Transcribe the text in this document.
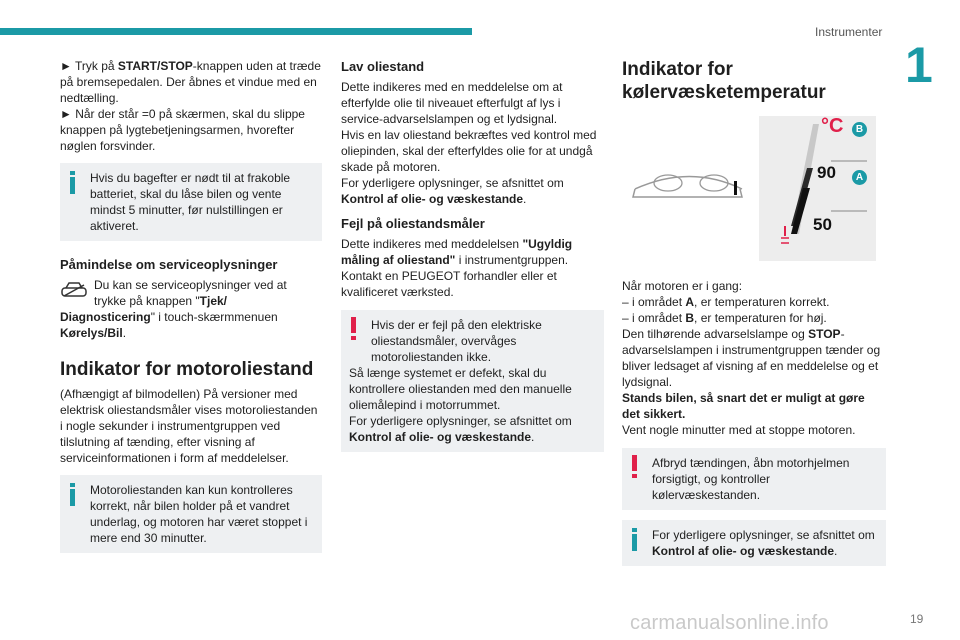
Instrumenter
1

► Tryk på START/STOP-knappen uden at træde på bremsepedalen. Der åbnes et vindue med en nedtælling.

► Når der står =0 på skærmen, skal du slippe knappen på lygtebetjeningsarmen, hvorefter nøglen forsvinder.

Hvis du bagefter er nødt til at frakoble batteriet, skal du låse bilen og vente mindst 5 minutter, før nulstillingen er aktiveret.
Påmindelse om serviceoplysninger
Du kan se serviceoplysninger ved at trykke på knappen "Tjek/ Diagnosticering" i touch-skærmmenuen Kørelys/Bil.
Indikator for motoroliestand

(Afhængigt af bilmodellen) På versioner med elektrisk oliestandsmåler vises motoroliestanden i nogle sekunder i instrumentgruppen ved tilslutning af tænding, efter visning af serviceinformationen i form af meddelelser.

Motoroliestanden kan kun kontrolleres korrekt, når bilen holder på et vandret underlag, og motoren har været stoppet i mere end 30 minutter.
Lav oliestand

Dette indikeres med en meddelelse om at efterfylde olie til niveauet efterfulgt af lys i service-advarselslampen og et lydsignal.

Hvis en lav oliestand bekræftes ved kontrol med oliepinden, skal der efterfyldes olie for at undgå skade på motoren.

For yderligere oplysninger, se afsnittet om Kontrol af olie- og væskestande.

Fejl på oliestandsmåler

Dette indikeres med meddelelsen "Ugyldig måling af oliestand" i instrumentgruppen.

Kontakt en PEUGEOT forhandler eller et kvalificeret værksted.

Hvis der er fejl på den elektriske oliestandsmåler, overvåges motoroliestanden ikke.
Så længe systemet er defekt, skal du kontrollere oliestanden med den manuelle oliemålepind i motorrummet.
For yderligere oplysninger, se afsnittet om Kontrol af olie- og væskestande.
Indikator for
kølervæsketemperatur
°C
90
50
B
A

Når motoren er i gang:

– i området A, er temperaturen korrekt.

– i området B, er temperaturen for høj.

Den tilhørende advarselslampe og STOP-advarselslampen i instrumentgruppen tænder og bliver ledsaget af visning af en meddelelse og et lydsignal.

Stands bilen, så snart det er muligt at gøre det sikkert.

Vent nogle minutter med at stoppe motoren.

Afbryd tændingen, åbn motorhjelmen forsigtigt, og kontroller kølervæskestanden.
For yderligere oplysninger, se afsnittet om Kontrol af olie- og væskestande.
carmanualsonline.info	19
